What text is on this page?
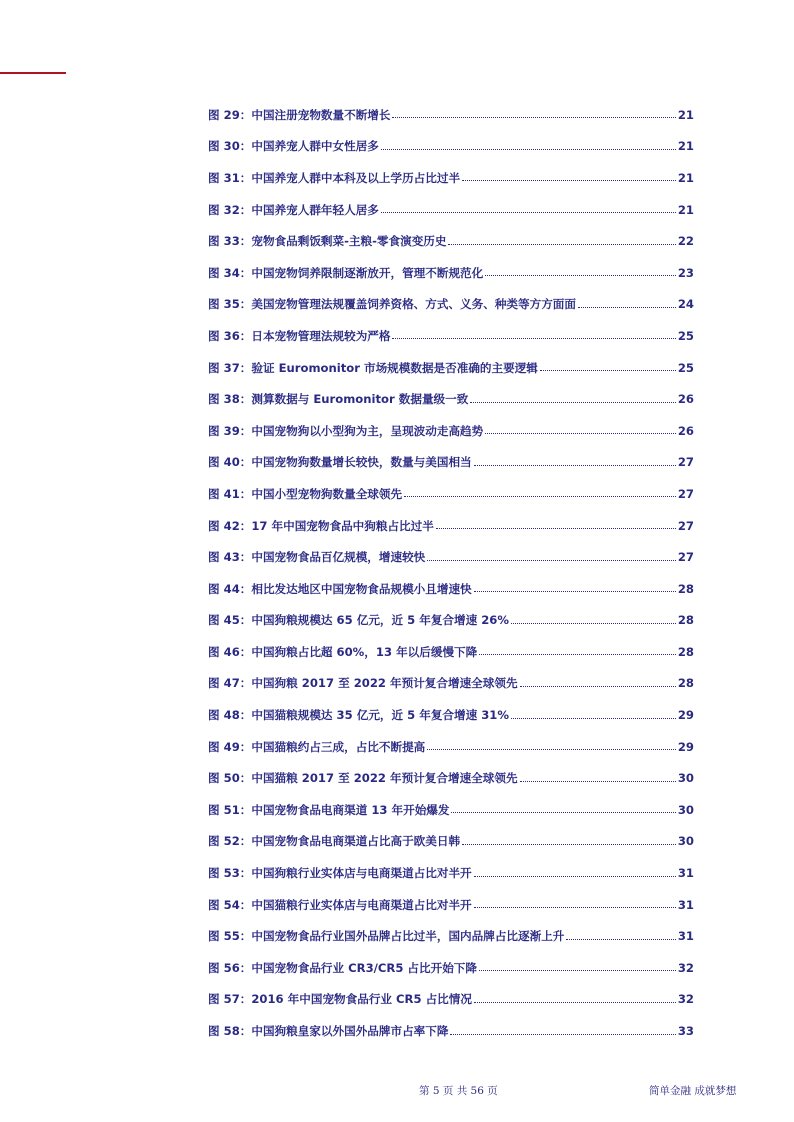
图 29：中国注册宠物数量不断增长	21
图 30：中国养宠人群中女性居多	21
图 31：中国养宠人群中本科及以上学历占比过半	21
图 32：中国养宠人群年轻人居多	21
图 33：宠物食品剩饭剩菜-主粮-零食演变历史	22
图 34：中国宠物饲养限制逐渐放开，管理不断规范化	23
图 35：美国宠物管理法规覆盖饲养资格、方式、义务、种类等方方面面	24
图 36：日本宠物管理法规较为严格	25
图 37：验证 Euromonitor 市场规模数据是否准确的主要逻辑	25
图 38：测算数据与 Euromonitor 数据量级一致	26
图 39：中国宠物狗以小型狗为主，呈现波动走高趋势	26
图 40：中国宠物狗数量增长较快，数量与美国相当	27
图 41：中国小型宠物狗数量全球领先	27
图 42：17 年中国宠物食品中狗粮占比过半	27
图 43：中国宠物食品百亿规模，增速较快	27
图 44：相比发达地区中国宠物食品规模小且增速快	28
图 45：中国狗粮规模达 65 亿元，近 5 年复合增速 26%	28
图 46：中国狗粮占比超 60%，13 年以后缓慢下降	28
图 47：中国狗粮 2017 至 2022 年预计复合增速全球领先	28
图 48：中国猫粮规模达 35 亿元，近 5 年复合增速 31%	29
图 49：中国猫粮约占三成，占比不断提高	29
图 50：中国猫粮 2017 至 2022 年预计复合增速全球领先	30
图 51：中国宠物食品电商渠道 13 年开始爆发	30
图 52：中国宠物食品电商渠道占比高于欧美日韩	30
图 53：中国狗粮行业实体店与电商渠道占比对半开	31
图 54：中国猫粮行业实体店与电商渠道占比对半开	31
图 55：中国宠物食品行业国外品牌占比过半，国内品牌占比逐渐上升	31
图 56：中国宠物食品行业 CR3/CR5 占比开始下降	32
图 57：2016 年中国宠物食品行业 CR5 占比情况	32
图 58：中国狗粮皇家以外国外品牌市占率下降	33
第 5 页 共 56 页	简单金融 成就梦想
